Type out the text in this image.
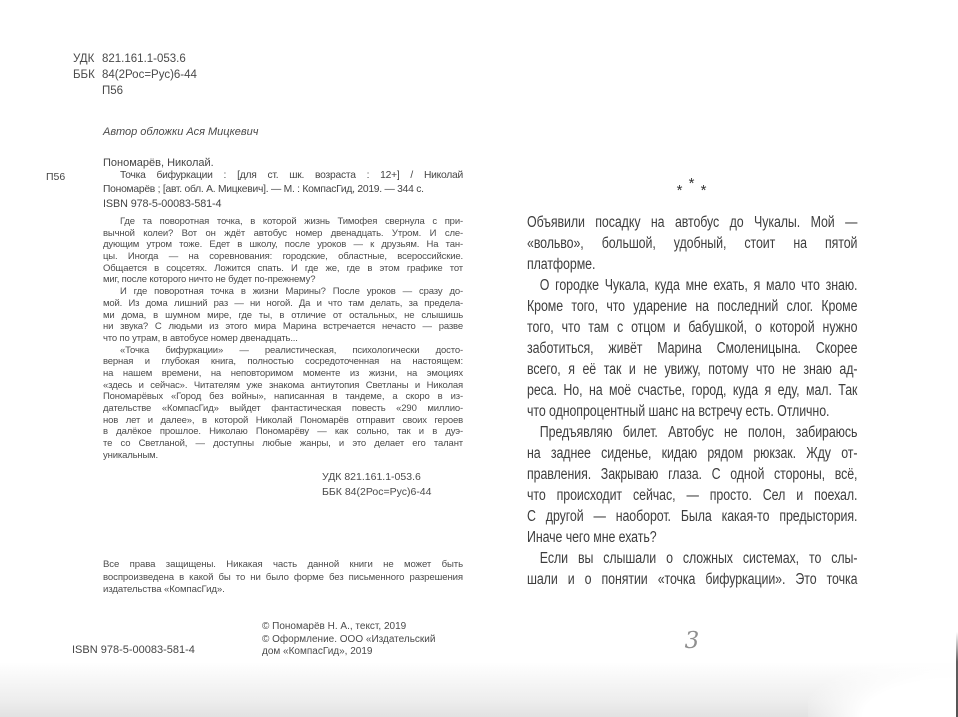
УДК 821.161.1-053.6
ББК 84(2Рос=Рус)6-44
П56
Автор обложки Ася Мицкевич
Пономарёв, Николай.
П56	Точка бифуркации : [для ст. шк. возраста : 12+] / Николай
Пономарёв ; [авт. обл. А. Мицкевич]. — М. : КомпасГид, 2019. — 344 с.
ISBN 978-5-00083-581-4
Где та поворотная точка, в которой жизнь Тимофея свернула с при-
вычной колеи? Вот он ждёт автобус номер двенадцать. Утром. И сле-
дующим утром тоже. Едет в школу, после уроков — к друзьям. На тан-
цы. Иногда — на соревнования: городские, областные, всероссийские.
Общается в соцсетях. Ложится спать. И где же, где в этом графике тот
миг, после которого ничто не будет по-прежнему?
И где поворотная точка в жизни Марины? После уроков — сразу до-
мой. Из дома лишний раз — ни ногой. Да и что там делать, за предела-
ми дома, в шумном мире, где ты, в отличие от остальных, не слышишь
ни звука? С людьми из этого мира Марина встречается нечасто — разве
что по утрам, в автобусе номер двенадцать...
«Точка бифуркации» — реалистическая, психологически досто-
верная и глубокая книга, полностью сосредоточенная на настоящем:
на нашем времени, на неповторимом моменте из жизни, на эмоциях
«здесь и сейчас». Читателям уже знакома антиутопия Светланы и Николая
Пономарёвых «Город без войны», написанная в тандеме, а скоро в из-
дательстве «КомпасГид» выйдет фантастическая повесть «290 миллио-
нов лет и далее», в которой Николай Пономарёв отправит своих героев
в далёкое прошлое. Николаю Пономарёву — как сольно, так и в дуэ-
те со Светланой, — доступны любые жанры, и это делает его талант
уникальным.
УДК 821.161.1-053.6
ББК 84(2Рос=Рус)6-44
Все права защищены. Никакая часть данной книги не может быть
воспроизведена в какой бы то ни было форме без письменного разрешения
издательства «КомпасГид».
© Пономарёв Н. А., текст, 2019
© Оформление. ООО «Издательский
дом «КомпасГид», 2019
ISBN 978-5-00083-581-4
* * *
Объявили посадку на автобус до Чукалы. Мой —
«вольво», большой, удобный, стоит на пятой
платформе.
О городке Чукала, куда мне ехать, я мало что знаю.
Кроме того, что ударение на последний слог. Кроме
того, что там с отцом и бабушкой, о которой нужно
заботиться, живёт Марина Смоленицына. Скорее
всего, я её так и не увижу, потому что не знаю ад-
реса. Но, на моё счастье, город, куда я еду, мал. Так
что однопроцентный шанс на встречу есть. Отлично.
Предъявляю билет. Автобус не полон, забираюсь
на заднее сиденье, кидаю рядом рюкзак. Жду от-
правления. Закрываю глаза. С одной стороны, всё,
что происходит сейчас, — просто. Сел и поехал.
С другой — наоборот. Была какая-то предыстория.
Иначе чего мне ехать?
Если вы слышали о сложных системах, то слы-
шали и о понятии «точка бифуркации». Это точка
3
